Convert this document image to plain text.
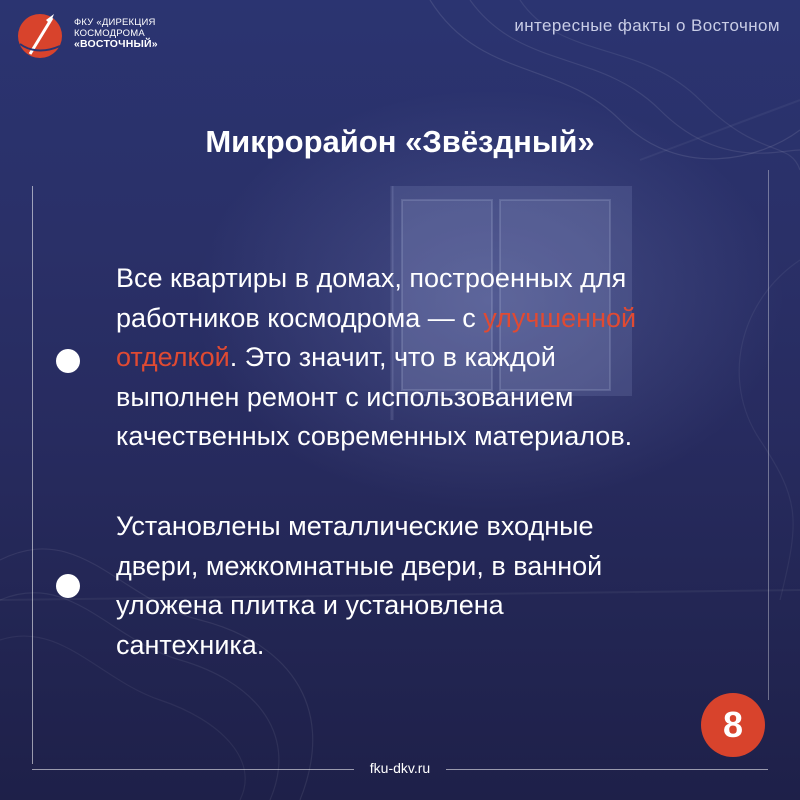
ФКУ «ДИРЕКЦИЯ
КОСМОДРОМА
«ВОСТОЧНЫЙ»
интересные факты о Восточном
Микрорайон «Звёздный»
Все квартиры в домах, построенных для
работников космодрома — с улучшенной
отделкой. Это значит, что в каждой
выполнен ремонт с использованием
качественных современных материалов.
Установлены металлические входные
двери, межкомнатные двери, в ванной
уложена плитка и установлена
сантехника.
8
fku-dkv.ru
